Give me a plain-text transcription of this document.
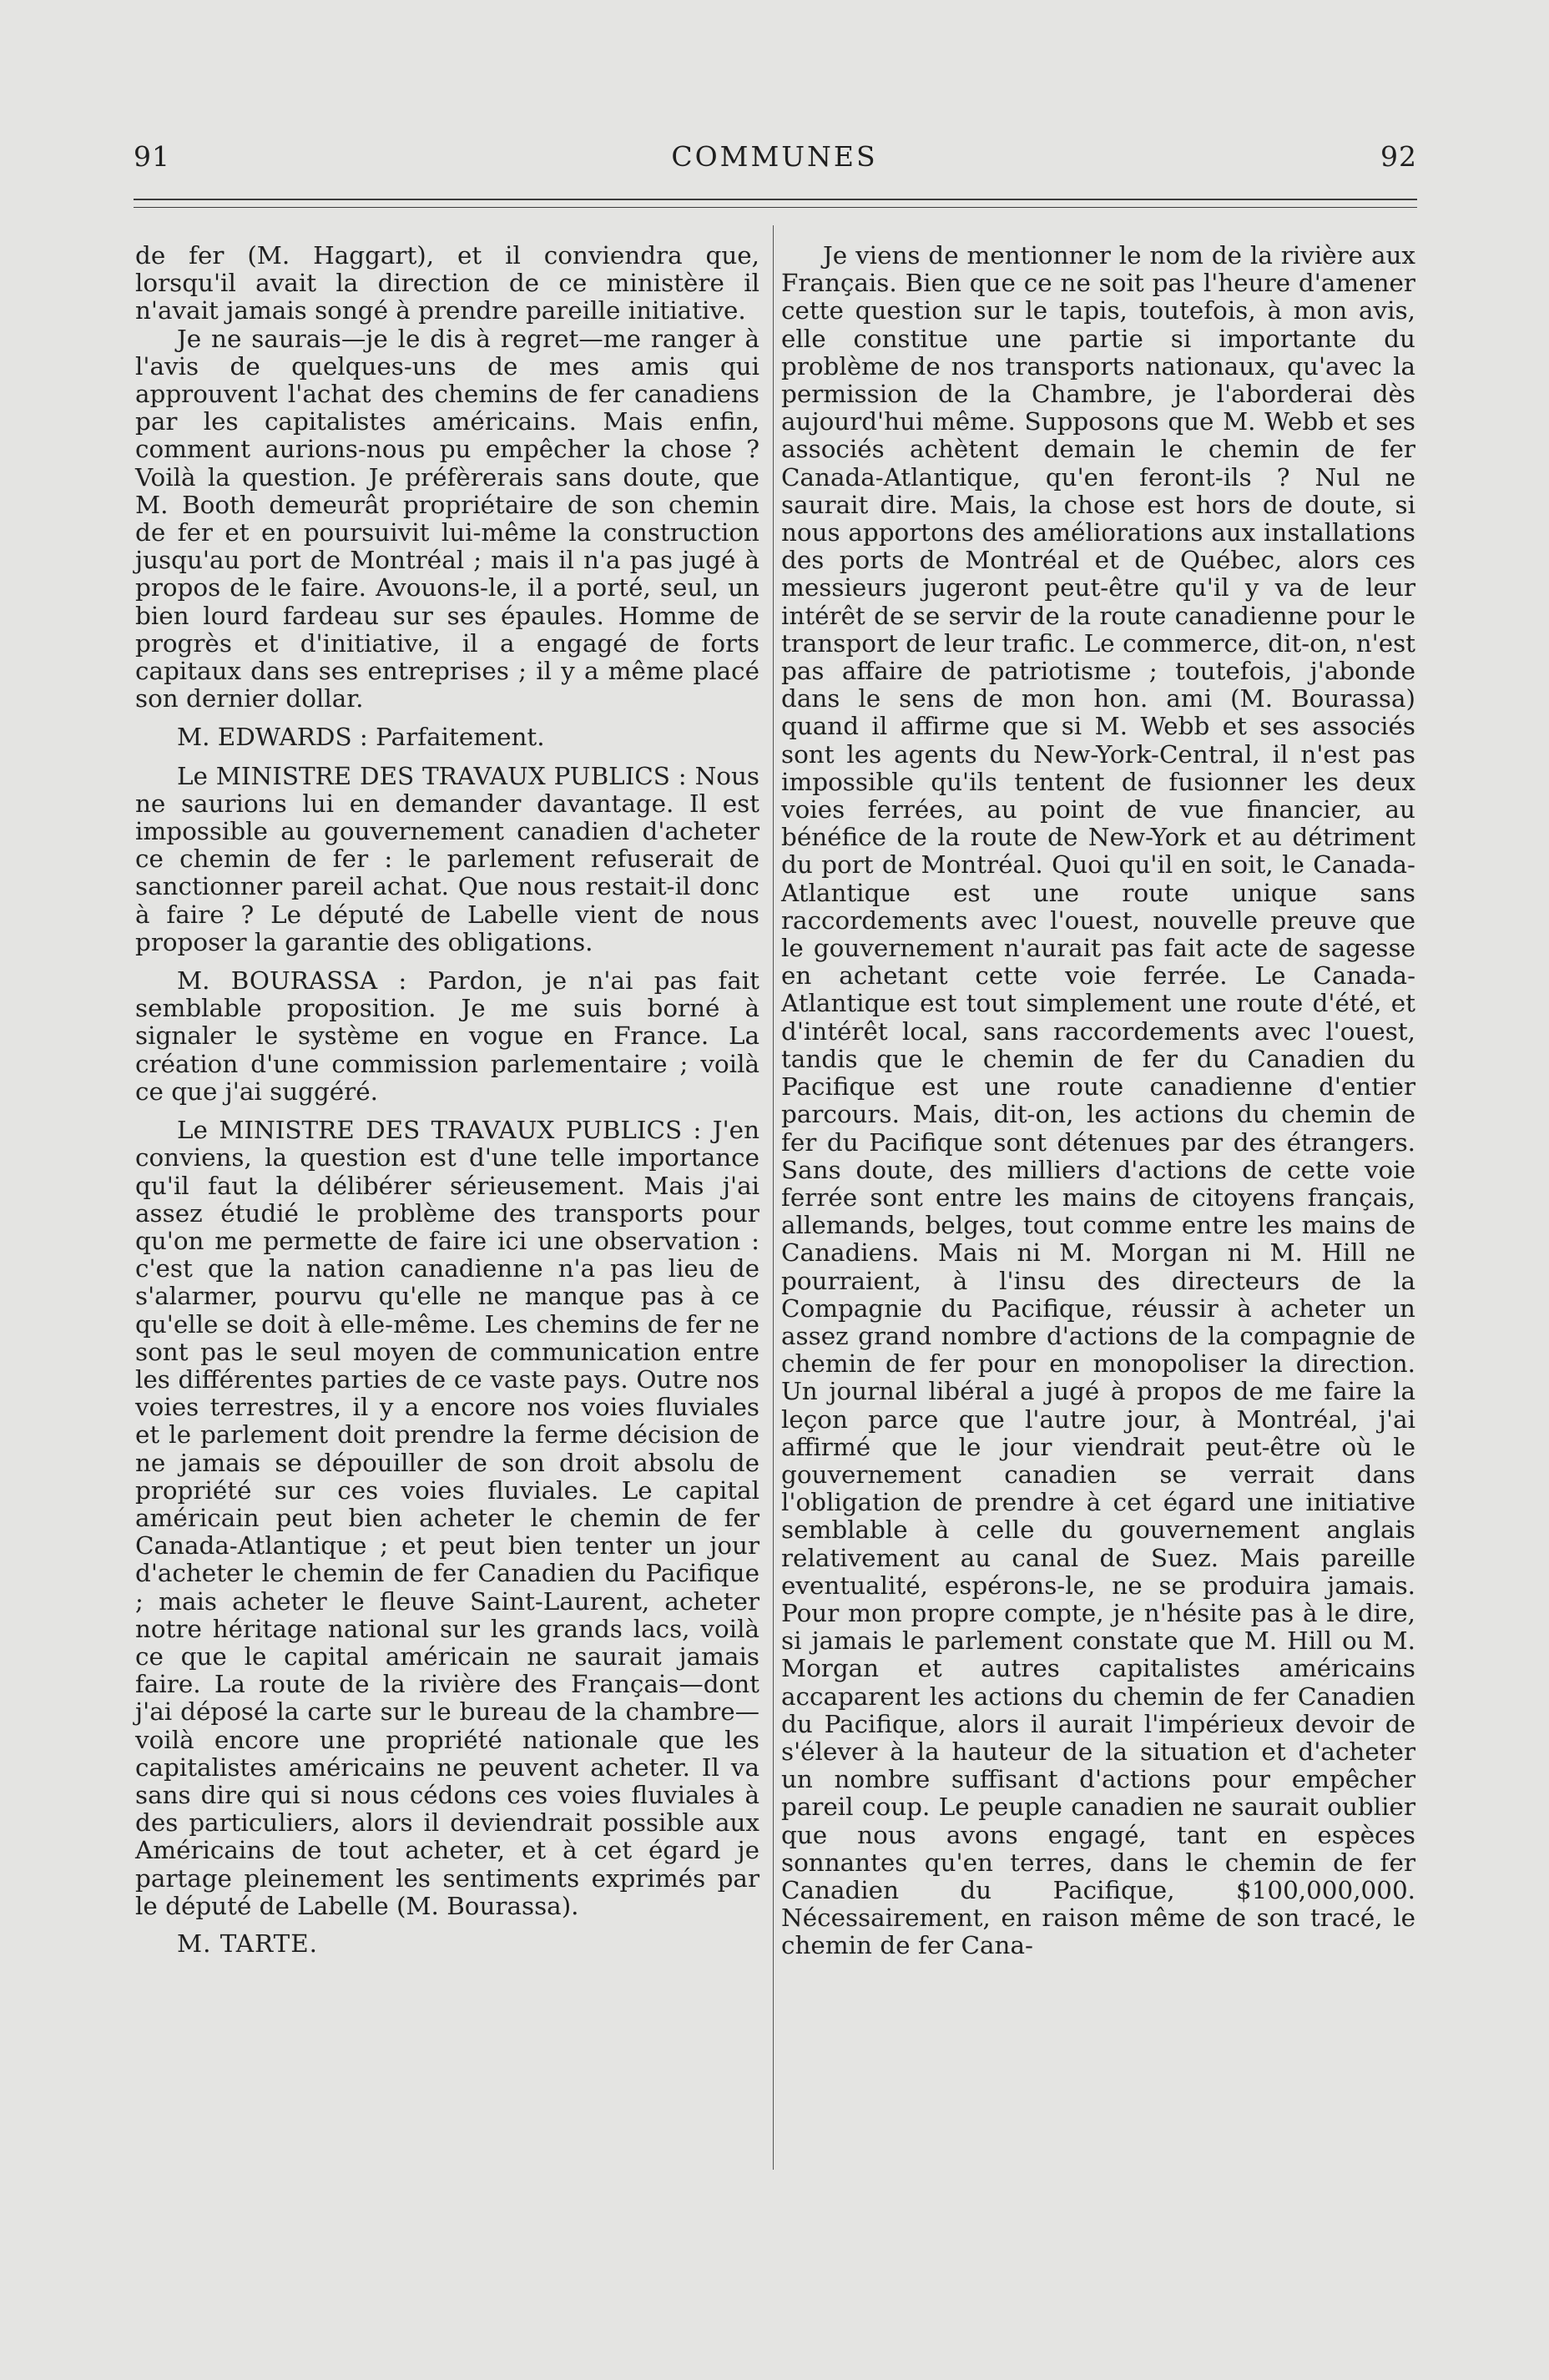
91	COMMUNES	92

de fer (M. Haggart), et il conviendra que, lorsqu'il avait la direction de ce ministère il n'avait jamais songé à prendre pareille initiative.

Je ne saurais—je le dis à regret—me ranger à l'avis de quelques-uns de mes amis qui approuvent l'achat des chemins de fer canadiens par les capitalistes américains. Mais enfin, comment aurions-nous pu empêcher la chose ? Voilà la question. Je préfèrerais sans doute, que M. Booth demeurât propriétaire de son chemin de fer et en poursuivit lui-même la construction jusqu'au port de Montréal ; mais il n'a pas jugé à propos de le faire. Avouons-le, il a porté, seul, un bien lourd fardeau sur ses épaules. Homme de progrès et d'initiative, il a engagé de forts capitaux dans ses entreprises ; il y a même placé son dernier dollar.

M. EDWARDS : Parfaitement.

Le MINISTRE DES TRAVAUX PUBLICS : Nous ne saurions lui en demander davantage. Il est impossible au gouvernement canadien d'acheter ce chemin de fer : le parlement refuserait de sanctionner pareil achat. Que nous restait-il donc à faire ? Le député de Labelle vient de nous proposer la garantie des obligations.

M. BOURASSA : Pardon, je n'ai pas fait semblable proposition. Je me suis borné à signaler le système en vogue en France. La création d'une commission parlementaire ; voilà ce que j'ai suggéré.

Le MINISTRE DES TRAVAUX PUBLICS : J'en conviens, la question est d'une telle importance qu'il faut la délibérer sérieusement. Mais j'ai assez étudié le problème des transports pour qu'on me permette de faire ici une observation : c'est que la nation canadienne n'a pas lieu de s'alarmer, pourvu qu'elle ne manque pas à ce qu'elle se doit à elle-même. Les chemins de fer ne sont pas le seul moyen de communication entre les différentes parties de ce vaste pays. Outre nos voies terrestres, il y a encore nos voies fluviales et le parlement doit prendre la ferme décision de ne jamais se dépouiller de son droit absolu de propriété sur ces voies fluviales. Le capital américain peut bien acheter le chemin de fer Canada-Atlantique ; et peut bien tenter un jour d'acheter le chemin de fer Canadien du Pacifique ; mais acheter le fleuve Saint-Laurent, acheter notre héritage national sur les grands lacs, voilà ce que le capital américain ne saurait jamais faire. La route de la rivière des Français—dont j'ai déposé la carte sur le bureau de la chambre—voilà encore une propriété nationale que les capitalistes américains ne peuvent acheter. Il va sans dire qui si nous cédons ces voies fluviales à des particuliers, alors il deviendrait possible aux Américains de tout acheter, et à cet égard je partage pleinement les sentiments exprimés par le député de Labelle (M. Bourassa).

M. TARTE.

Je viens de mentionner le nom de la rivière aux Français. Bien que ce ne soit pas l'heure d'amener cette question sur le tapis, toutefois, à mon avis, elle constitue une partie si importante du problème de nos transports nationaux, qu'avec la permission de la Chambre, je l'aborderai dès aujourd'hui même. Supposons que M. Webb et ses associés achètent demain le chemin de fer Canada-Atlantique, qu'en feront-ils ? Nul ne saurait dire. Mais, la chose est hors de doute, si nous apportons des améliorations aux installations des ports de Montréal et de Québec, alors ces messieurs jugeront peut-être qu'il y va de leur intérêt de se servir de la route canadienne pour le transport de leur trafic. Le commerce, dit-on, n'est pas affaire de patriotisme ; toutefois, j'abonde dans le sens de mon hon. ami (M. Bourassa) quand il affirme que si M. Webb et ses associés sont les agents du New-York-Central, il n'est pas impossible qu'ils tentent de fusionner les deux voies ferrées, au point de vue financier, au bénéfice de la route de New-York et au détriment du port de Montréal. Quoi qu'il en soit, le Canada-Atlantique est une route unique sans raccordements avec l'ouest, nouvelle preuve que le gouvernement n'aurait pas fait acte de sagesse en achetant cette voie ferrée. Le Canada-Atlantique est tout simplement une route d'été, et d'intérêt local, sans raccordements avec l'ouest, tandis que le chemin de fer du Canadien du Pacifique est une route canadienne d'entier parcours. Mais, dit-on, les actions du chemin de fer du Pacifique sont détenues par des étrangers. Sans doute, des milliers d'actions de cette voie ferrée sont entre les mains de citoyens français, allemands, belges, tout comme entre les mains de Canadiens. Mais ni M. Morgan ni M. Hill ne pourraient, à l'insu des directeurs de la Compagnie du Pacifique, réussir à acheter un assez grand nombre d'actions de la compagnie de chemin de fer pour en monopoliser la direction. Un journal libéral a jugé à propos de me faire la leçon parce que l'autre jour, à Montréal, j'ai affirmé que le jour viendrait peut-être où le gouvernement canadien se verrait dans l'obligation de prendre à cet égard une initiative semblable à celle du gouvernement anglais relativement au canal de Suez. Mais pareille eventualité, espérons-le, ne se produira jamais. Pour mon propre compte, je n'hésite pas à le dire, si jamais le parlement constate que M. Hill ou M. Morgan et autres capitalistes américains accaparent les actions du chemin de fer Canadien du Pacifique, alors il aurait l'impérieux devoir de s'élever à la hauteur de la situation et d'acheter un nombre suffisant d'actions pour empêcher pareil coup. Le peuple canadien ne saurait oublier que nous avons engagé, tant en espèces sonnantes qu'en terres, dans le chemin de fer Canadien du Pacifique, $100,000,000. Nécessairement, en raison même de son tracé, le chemin de fer Cana-
